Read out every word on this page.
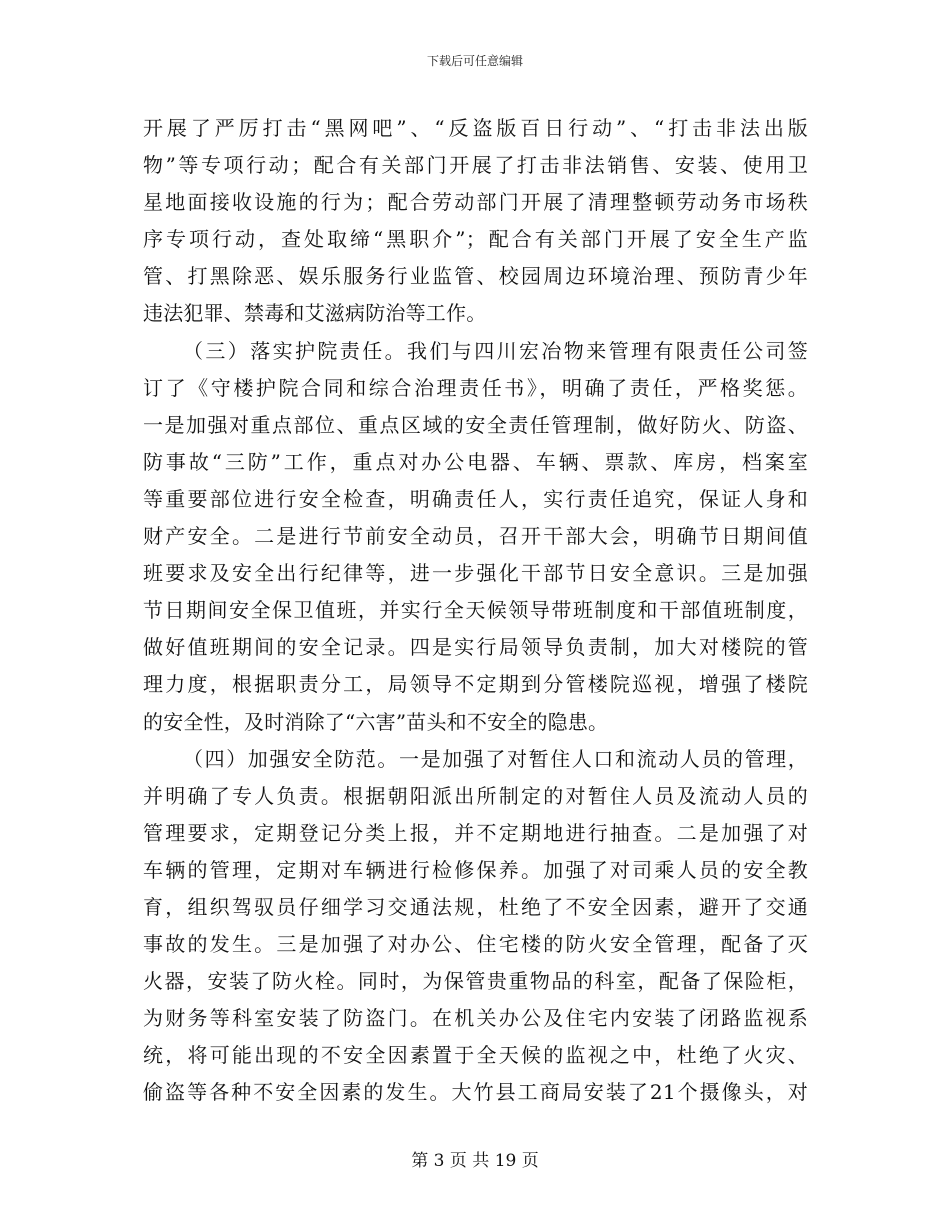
下载后可任意编辑
开展了严厉打击“黑网吧”、“反盗版百日行动”、“打击非法出版
物”等专项行动；配合有关部门开展了打击非法销售、安装、使用卫
星地面接收设施的行为；配合劳动部门开展了清理整顿劳动务市场秩
序专项行动，查处取缔“黑职介”；配合有关部门开展了安全生产监
管、打黑除恶、娱乐服务行业监管、校园周边环境治理、预防青少年
违法犯罪、禁毒和艾滋病防治等工作。
（三）落实护院责任。我们与四川宏冶物来管理有限责任公司签
订了《守楼护院合同和综合治理责任书》，明确了责任，严格奖惩。
一是加强对重点部位、重点区域的安全责任管理制，做好防火、防盗、
防事故“三防”工作，重点对办公电器、车辆、票款、库房，档案室
等重要部位进行安全检查，明确责任人，实行责任追究，保证人身和
财产安全。二是进行节前安全动员，召开干部大会，明确节日期间值
班要求及安全出行纪律等，进一步强化干部节日安全意识。三是加强
节日期间安全保卫值班，并实行全天候领导带班制度和干部值班制度，
做好值班期间的安全记录。四是实行局领导负责制，加大对楼院的管
理力度，根据职责分工，局领导不定期到分管楼院巡视，增强了楼院
的安全性，及时消除了“六害”苗头和不安全的隐患。
（四）加强安全防范。一是加强了对暂住人口和流动人员的管理，
并明确了专人负责。根据朝阳派出所制定的对暂住人员及流动人员的
管理要求，定期登记分类上报，并不定期地进行抽查。二是加强了对
车辆的管理，定期对车辆进行检修保养。加强了对司乘人员的安全教
育，组织驾驭员仔细学习交通法规，杜绝了不安全因素，避开了交通
事故的发生。三是加强了对办公、住宅楼的防火安全管理，配备了灭
火器，安装了防火栓。同时，为保管贵重物品的科室，配备了保险柜，
为财务等科室安装了防盗门。在机关办公及住宅内安装了闭路监视系
统，将可能出现的不安全因素置于全天候的监视之中，杜绝了火灾、
偷盗等各种不安全因素的发生。大竹县工商局安装了21个摄像头，对
第 3 页 共 19 页
